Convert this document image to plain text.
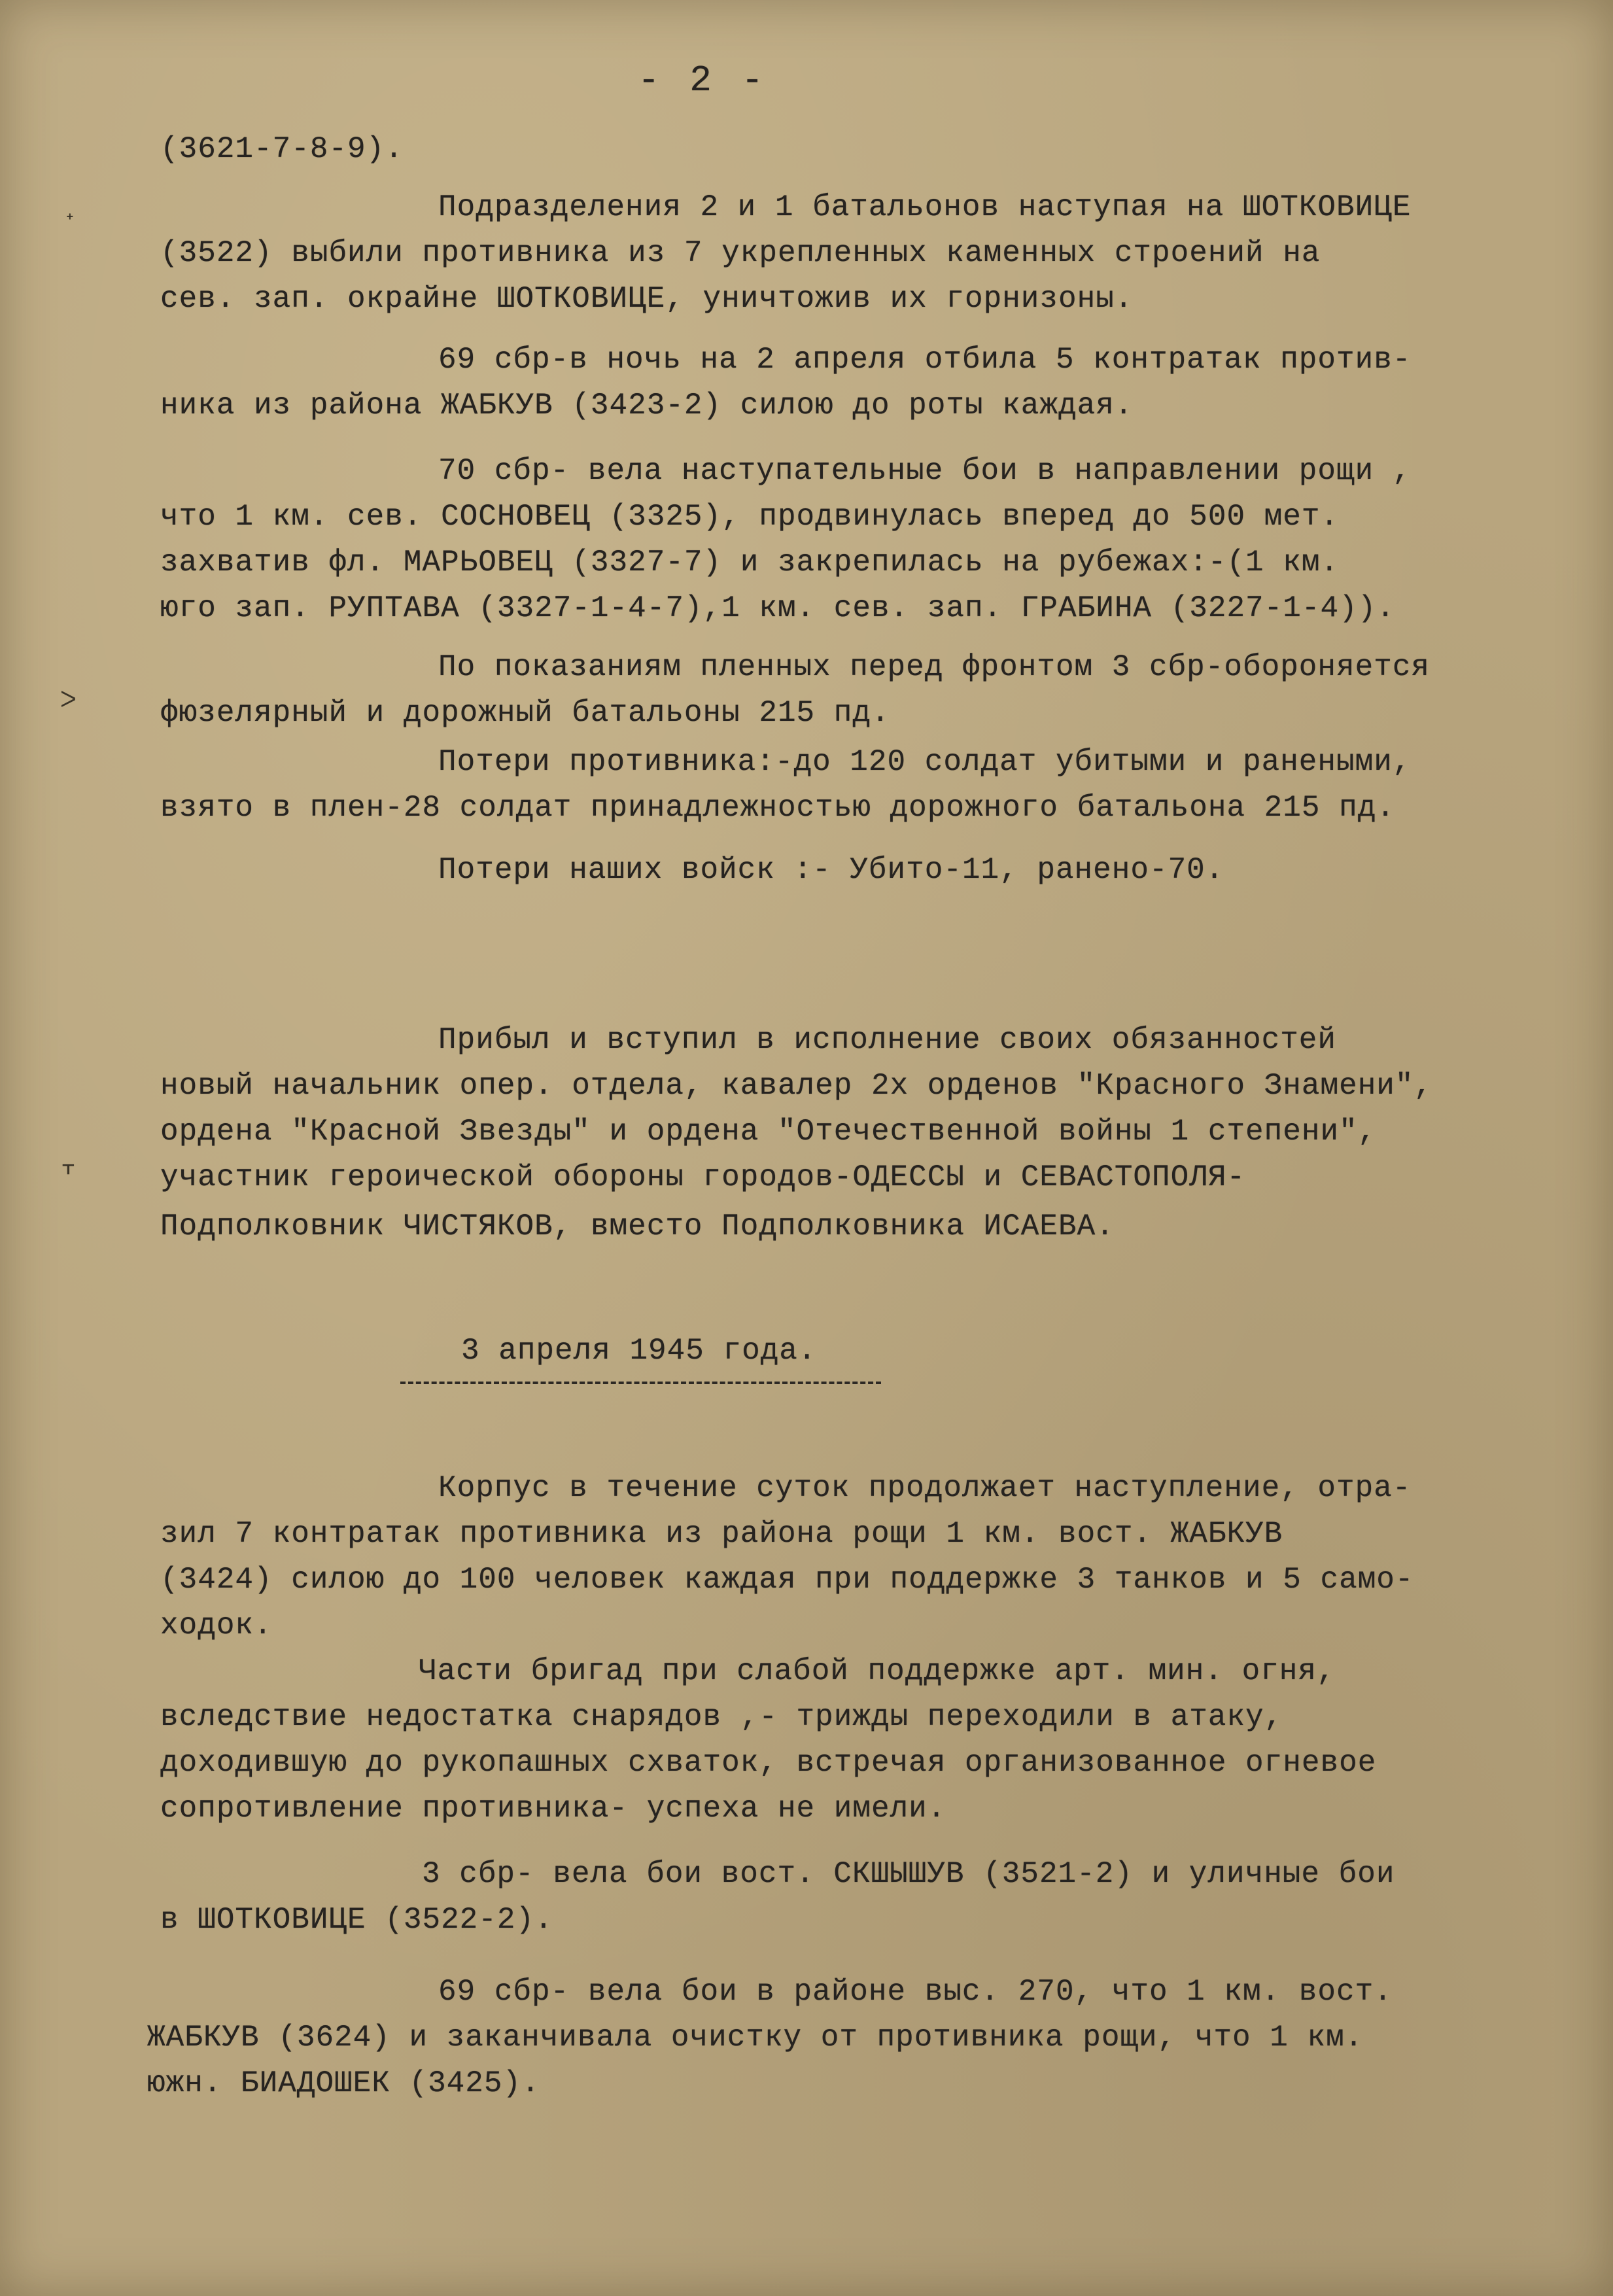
ᐩ
ᐳ
ᚁ
- 2 -
(3621-7-8-9).
Подразделения 2 и 1 батальонов наступая на ШОТКОВИЦЕ
(3522) выбили противника из 7 укрепленных каменных строений на
сев. зап. окрайне ШОТКОВИЦЕ, уничтожив их горнизоны.
69 сбр-в ночь на 2 апреля отбила 5 контратак против-
ника из района ЖАБКУВ (3423-2) силою до роты каждая.
70 сбр- вела наступательные бои в направлении рощи ,
что 1 км. сев. СОСНОВЕЦ (3325), продвинулась вперед до 500 мет.
захватив фл. МАРЬОВЕЦ (3327-7) и закрепилась на рубежах:-(1 км.
юго зап. РУПТАВА (3327-1-4-7),1 км. сев. зап. ГРАБИНА (3227-1-4)).
По показаниям пленных перед фронтом 3 сбр-обороняется
фюзелярный и дорожный батальоны 215 пд.
Потери противника:-до 120 солдат убитыми и ранеными,
взято в плен-28 солдат принадлежностью дорожного батальона 215 пд.
Потери наших войск :- Убито-11, ранено-70.
Прибыл и вступил в исполнение своих обязанностей
новый начальник опер. отдела, кавалер 2х орденов "Красного Знамени",
ордена "Красной Звезды" и ордена "Отечественной войны 1 степени",
участник героической обороны городов-ОДЕССЫ и СЕВАСТОПОЛЯ-
Подполковник ЧИСТЯКОВ, вместо Подполковника ИСАЕВА.
3 апреля 1945 года.
Корпус в течение суток продолжает наступление, отра-
зил 7 контратак противника из района рощи 1 км. вост. ЖАБКУВ
(3424) силою до 100 человек каждая при поддержке 3 танков и 5 само-
ходок.
Части бригад при слабой поддержке арт. мин. огня,
вследствие недостатка снарядов ,- трижды переходили в атаку,
доходившую до рукопашных схваток, встречая организованное огневое
сопротивление противника- успеха не имели.
3 сбр- вела бои вост. СКШЫШУВ (3521-2) и уличные бои
в ШОТКОВИЦЕ (3522-2).
69 сбр- вела бои в районе выс. 270, что 1 км. вост.
ЖАБКУВ (3624) и заканчивала очистку от противника рощи, что 1 км.
южн. БИАДОШЕК (3425).
